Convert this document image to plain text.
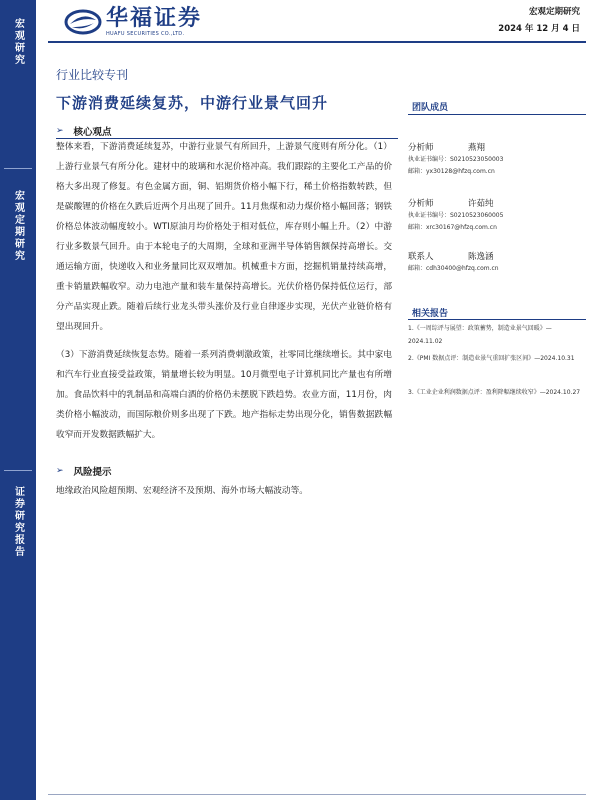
宏观研究
宏观定期研究
证券研究报告
华福证券
HUAFU SECURITIES CO.,LTD.
宏观定期研究
2024 年 12 月 4 日
行业比较专刊
下游消费延续复苏，中游行业景气回升
➢ 核心观点
整体来看，下游消费延续复苏，中游行业景气有所回升，上游景气度则有所分化。（1）上游行业景气有所分化。建材中的玻璃和水泥价格冲高。我们跟踪的主要化工产品的价格大多出现了修复。有色金属方面，铜、铝期货价格小幅下行，稀土价格指数转跌，但是碳酸锂的价格在久跌后近两个月出现了回升。11月焦煤和动力煤价格小幅回落；钢铁价格总体波动幅度较小。WTI原油月均价格处于相对低位，库存则小幅上升。（2）中游行业多数景气回升。由于本轮电子的大周期，全球和亚洲半导体销售额保持高增长。交通运输方面，快递收入和业务量同比双双增加。机械重卡方面，挖掘机销量持续高增，重卡销量跌幅收窄。动力电池产量和装车量保持高增长。光伏价格仍保持低位运行，部分产品实现止跌。随着后续行业龙头带头涨价及行业自律逐步实现，光伏产业链价格有望出现回升。
（3）下游消费延续恢复态势。随着一系列消费刺激政策，社零同比继续增长。其中家电和汽车行业直接受益政策，销量增长较为明显。10月微型电子计算机同比产量也有所增加。食品饮料中的乳制品和高端白酒的价格仍未摆脱下跌趋势。农业方面，11月份，肉类价格小幅波动，而国际粮价则多出现了下跌。地产指标走势出现分化，销售数据跌幅收窄而开发数据跌幅扩大。
➢ 风险提示
地缘政治风险超预期、宏观经济不及预期、海外市场大幅波动等。
团队成员
分析师	燕翔
执业证书编号：S0210523050003
邮箱：yx30128@hfzq.com.cn
分析师	许茹纯
执业证书编号：S0210523060005
邮箱：xrc30167@hfzq.com.cn
联系人	陈逸涵
邮箱：cdh30400@hfzq.com.cn
相关报告
1.《一周综评与展望：政策蓄势，制造业景气回暖》—2024.11.02
2.《PMI 数据点评：制造业景气重回扩张区间》—2024.10.31
3.《工业企业利润数据点评：盈利降幅继续收窄》—2024.10.27
